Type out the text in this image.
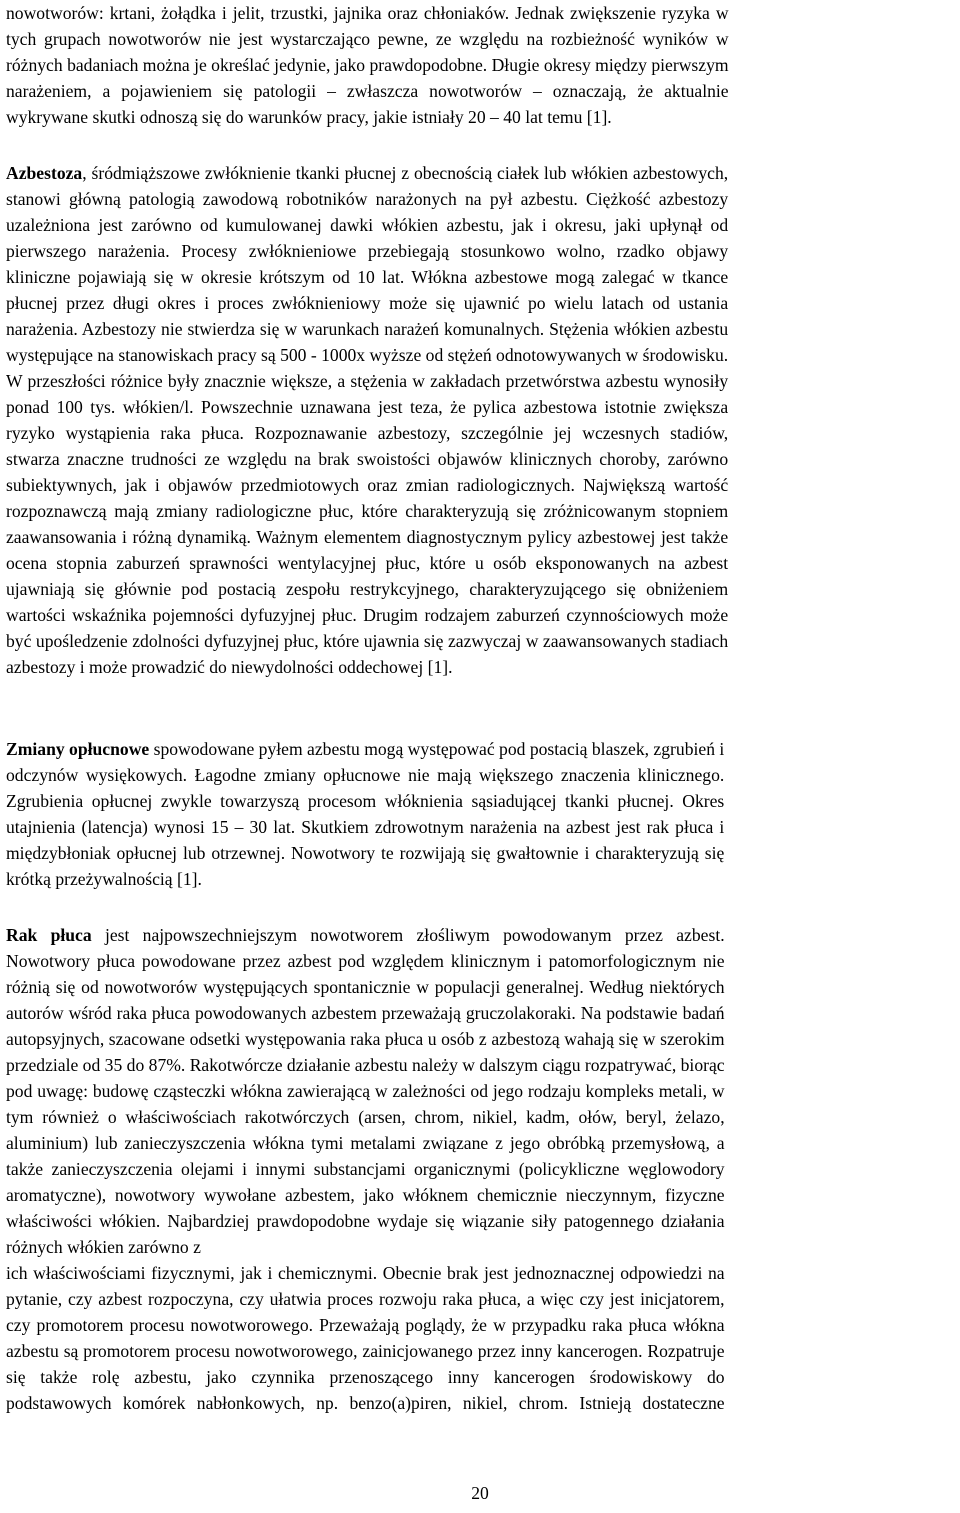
nowotworów: krtani, żołądka i jelit, trzustki, jajnika oraz chłoniaków. Jednak zwiększenie ryzyka w
tych grupach nowotworów nie jest wystarczająco pewne, ze względu na rozbieżność wyników w
różnych badaniach można je określać jedynie, jako prawdopodobne. Długie okresy między pierwszym
narażeniem, a pojawieniem się patologii – zwłaszcza nowotworów – oznaczają, że aktualnie
wykrywane skutki odnoszą się do warunków pracy, jakie istniały 20 – 40 lat temu [1].
Azbestoza, śródmiąższowe zwłóknienie tkanki płucnej z obecnością ciałek lub włókien azbestowych,
stanowi główną patologią zawodową robotników narażonych na pył azbestu. Ciężkość azbestozy
uzależniona jest zarówno od kumulowanej dawki włókien azbestu, jak i okresu, jaki upłynął od
pierwszego narażenia. Procesy zwłóknieniowe przebiegają stosunkowo wolno, rzadko objawy
kliniczne pojawiają się w okresie krótszym od 10 lat. Włókna azbestowe mogą zalegać w tkance
płucnej przez długi okres i proces zwłóknieniowy może się ujawnić po wielu latach od ustania
narażenia. Azbestozy nie stwierdza się w warunkach narażeń komunalnych. Stężenia włókien azbestu
występujące na stanowiskach pracy są 500 - 1000x wyższe od stężeń odnotowywanych w środowisku.
W przeszłości różnice były znacznie większe, a stężenia w zakładach przetwórstwa azbestu wynosiły
ponad 100 tys. włókien/l. Powszechnie uznawana jest teza, że pylica azbestowa istotnie zwiększa
ryzyko wystąpienia raka płuca. Rozpoznawanie azbestozy, szczególnie jej wczesnych stadiów,
stwarza znaczne trudności ze względu na brak swoistości objawów klinicznych choroby, zarówno
subiektywnych, jak i objawów przedmiotowych oraz zmian radiologicznych. Największą wartość
rozpoznawczą mają zmiany radiologiczne płuc, które charakteryzują się zróżnicowanym stopniem
zaawansowania i różną dynamiką. Ważnym elementem diagnostycznym pylicy azbestowej jest także
ocena stopnia zaburzeń sprawności wentylacyjnej płuc, które u osób eksponowanych na azbest
ujawniają się głównie pod postacią zespołu restrykcyjnego, charakteryzującego się obniżeniem
wartości wskaźnika pojemności dyfuzyjnej płuc. Drugim rodzajem zaburzeń czynnościowych może
być upośledzenie zdolności dyfuzyjnej płuc, które ujawnia się zazwyczaj w zaawansowanych stadiach
azbestozy i może prowadzić do niewydolności oddechowej [1].
Zmiany opłucnowe spowodowane pyłem azbestu mogą występować pod postacią blaszek, zgrubień i
odczynów wysiękowych. Łagodne zmiany opłucnowe nie mają większego znaczenia klinicznego.
Zgrubienia opłucnej zwykle towarzyszą procesom włóknienia sąsiadującej tkanki płucnej. Okres
utajnienia (latencja) wynosi 15 – 30 lat. Skutkiem zdrowotnym narażenia na azbest jest rak płuca i
międzybłoniak opłucnej lub otrzewnej. Nowotwory te rozwijają się gwałtownie i charakteryzują się
krótką przeżywalnością [1].
Rak płuca jest najpowszechniejszym nowotworem złośliwym powodowanym przez azbest.
Nowotwory płuca powodowane przez azbest pod względem klinicznym i patomorfologicznym nie
różnią się od nowotworów występujących spontanicznie w populacji generalnej. Według niektórych
autorów wśród raka płuca powodowanych azbestem przeważają gruczolakoraki. Na podstawie badań
autopsyjnych, szacowane odsetki występowania raka płuca u osób z azbestozą wahają się w szerokim
przedziale od 35 do 87%. Rakotwórcze działanie azbestu należy w dalszym ciągu rozpatrywać, biorąc
pod uwagę: budowę cząsteczki włókna zawierającą w zależności od jego rodzaju kompleks metali, w
tym również o właściwościach rakotwórczych (arsen, chrom, nikiel, kadm, ołów, beryl, żelazo,
aluminium) lub zanieczyszczenia włókna tymi metalami związane z jego obróbką przemysłową, a
także zanieczyszczenia olejami i innymi substancjami organicznymi (policykliczne węglowodory
aromatyczne), nowotwory wywołane azbestem, jako włóknem chemicznie nieczynnym, fizyczne
właściwości włókien. Najbardziej prawdopodobne wydaje się wiązanie siły patogennego działania
różnych włókien zarówno z
ich właściwościami fizycznymi, jak i chemicznymi. Obecnie brak jest jednoznacznej odpowiedzi na
pytanie, czy azbest rozpoczyna, czy ułatwia proces rozwoju raka płuca, a więc czy jest inicjatorem,
czy promotorem procesu nowotworowego. Przeważają poglądy, że w przypadku raka płuca włókna
azbestu są promotorem procesu nowotworowego, zainicjowanego przez inny kancerogen. Rozpatruje
się także rolę azbestu, jako czynnika przenoszącego inny kancerogen środowiskowy do
podstawowych komórek nabłonkowych, np. benzo(a)piren, nikiel, chrom. Istnieją dostateczne
20
